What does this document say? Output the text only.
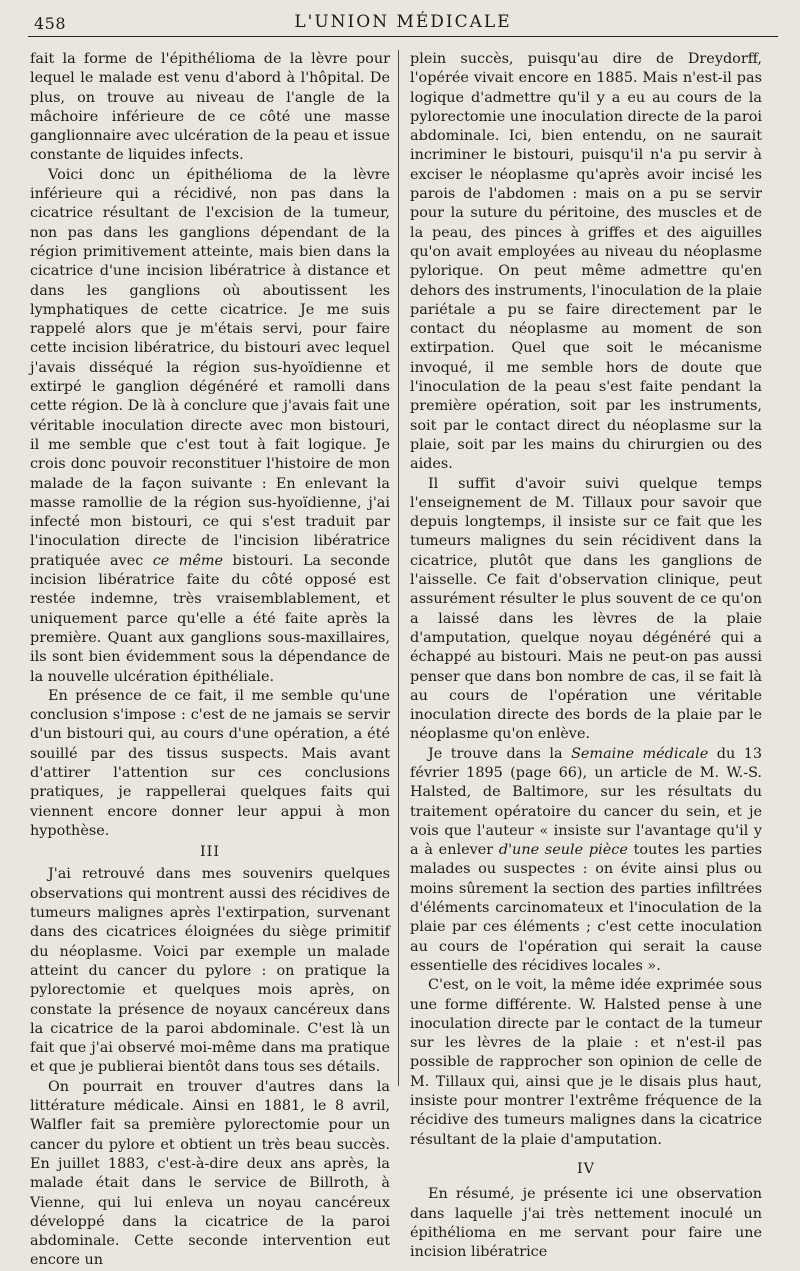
458	L'UNION MÉDICALE

fait la forme de l'épithélioma de la lèvre pour lequel le malade est venu d'abord à l'hôpital. De plus, on trouve au niveau de l'angle de la mâchoire inférieure de ce côté une masse ganglionnaire avec ulcération de la peau et issue constante de liquides infects.

Voici donc un épithélioma de la lèvre inférieure qui a récidivé, non pas dans la cicatrice résultant de l'excision de la tumeur, non pas dans les ganglions dépendant de la région primitivement atteinte, mais bien dans la cicatrice d'une incision libératrice à distance et dans les ganglions où aboutissent les lymphatiques de cette cicatrice. Je me suis rappelé alors que je m'étais servi, pour faire cette incision libératrice, du bistouri avec lequel j'avais disséqué la région sus-hyoïdienne et extirpé le ganglion dégénéré et ramolli dans cette région. De là à conclure que j'avais fait une véritable inoculation directe avec mon bistouri, il me semble que c'est tout à fait logique. Je crois donc pouvoir reconstituer l'histoire de mon malade de la façon suivante : En enlevant la masse ramollie de la région sus-hyoïdienne, j'ai infecté mon bistouri, ce qui s'est traduit par l'inoculation directe de l'incision libératrice pratiquée avec ce même bistouri. La seconde incision libératrice faite du côté opposé est restée indemne, très vraisemblablement, et uniquement parce qu'elle a été faite après la première. Quant aux ganglions sous-maxillaires, ils sont bien évidemment sous la dépendance de la nouvelle ulcération épithéliale.

En présence de ce fait, il me semble qu'une conclusion s'impose : c'est de ne jamais se servir d'un bistouri qui, au cours d'une opération, a été souillé par des tissus suspects. Mais avant d'attirer l'attention sur ces conclusions pratiques, je rappellerai quelques faits qui viennent encore donner leur appui à mon hypothèse.

III

J'ai retrouvé dans mes souvenirs quelques observations qui montrent aussi des récidives de tumeurs malignes après l'extirpation, survenant dans des cicatrices éloignées du siège primitif du néoplasme. Voici par exemple un malade atteint du cancer du pylore : on pratique la pylorectomie et quelques mois après, on constate la présence de noyaux cancéreux dans la cicatrice de la paroi abdominale. C'est là un fait que j'ai observé moi-même dans ma pratique et que je publierai bientôt dans tous ses détails.

On pourrait en trouver d'autres dans la littérature médicale. Ainsi en 1881, le 8 avril, Walfler fait sa première pylorectomie pour un cancer du pylore et obtient un très beau succès. En juillet 1883, c'est-à-dire deux ans après, la malade était dans le service de Billroth, à Vienne, qui lui enleva un noyau cancéreux développé dans la cicatrice de la paroi abdominale. Cette seconde intervention eut encore un

plein succès, puisqu'au dire de Dreydorff, l'opérée vivait encore en 1885. Mais n'est-il pas logique d'admettre qu'il y a eu au cours de la pylorectomie une inoculation directe de la paroi abdominale. Ici, bien entendu, on ne saurait incriminer le bistouri, puisqu'il n'a pu servir à exciser le néoplasme qu'après avoir incisé les parois de l'abdomen : mais on a pu se servir pour la suture du péritoine, des muscles et de la peau, des pinces à griffes et des aiguilles qu'on avait employées au niveau du néoplasme pylorique. On peut même admettre qu'en dehors des instruments, l'inoculation de la plaie pariétale a pu se faire directement par le contact du néoplasme au moment de son extirpation. Quel que soit le mécanisme invoqué, il me semble hors de doute que l'inoculation de la peau s'est faite pendant la première opération, soit par les instruments, soit par le contact direct du néoplasme sur la plaie, soit par les mains du chirurgien ou des aides.

Il suffit d'avoir suivi quelque temps l'enseignement de M. Tillaux pour savoir que depuis longtemps, il insiste sur ce fait que les tumeurs malignes du sein récidivent dans la cicatrice, plutôt que dans les ganglions de l'aisselle. Ce fait d'observation clinique, peut assurément résulter le plus souvent de ce qu'on a laissé dans les lèvres de la plaie d'amputation, quelque noyau dégénéré qui a échappé au bistouri. Mais ne peut-on pas aussi penser que dans bon nombre de cas, il se fait là au cours de l'opération une véritable inoculation directe des bords de la plaie par le néoplasme qu'on enlève.

Je trouve dans la Semaine médicale du 13 février 1895 (page 66), un article de M. W.-S. Halsted, de Baltimore, sur les résultats du traitement opératoire du cancer du sein, et je vois que l'auteur « insiste sur l'avantage qu'il y a à enlever d'une seule pièce toutes les parties malades ou suspectes : on évite ainsi plus ou moins sûrement la section des parties infiltrées d'éléments carcinomateux et l'inoculation de la plaie par ces éléments ; c'est cette inoculation au cours de l'opération qui serait la cause essentielle des récidives locales ».

C'est, on le voit, la même idée exprimée sous une forme différente. W. Halsted pense à une inoculation directe par le contact de la tumeur sur les lèvres de la plaie : et n'est-il pas possible de rapprocher son opinion de celle de M. Tillaux qui, ainsi que je le disais plus haut, insiste pour montrer l'extrême fréquence de la récidive des tumeurs malignes dans la cicatrice résultant de la plaie d'amputation.

IV

En résumé, je présente ici une observation dans laquelle j'ai très nettement inoculé un épithélioma en me servant pour faire une incision libératrice
